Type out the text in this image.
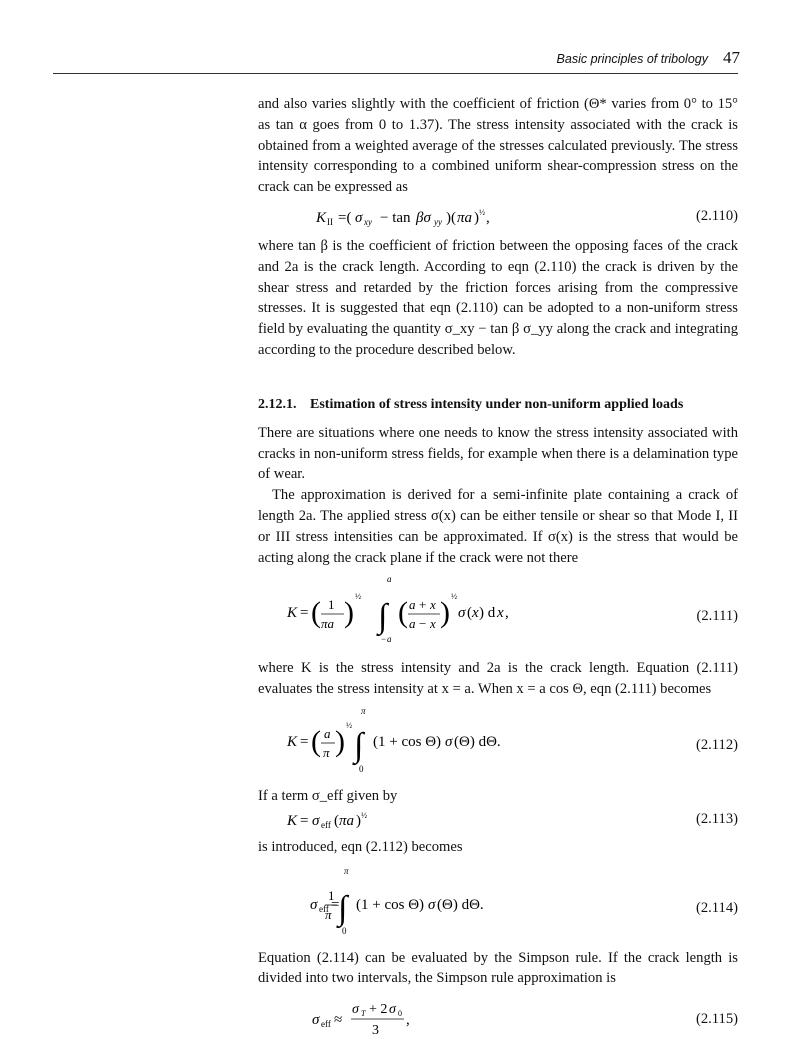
Basic principles of tribology 47

and also varies slightly with the coefficient of friction (Θ* varies from 0° to 15° as tan α goes from 0 to 1.37). The stress intensity associated with the crack is obtained from a weighted average of the stresses calculated previously. The stress intensity corresponding to a combined uniform shear-compression stress on the crack can be expressed as

K II =( σ xy − tan βσ yy )( πa ) ½ ,	(2.110)

where tan β is the coefficient of friction between the opposing faces of the crack and 2a is the crack length. According to eqn (2.110) the crack is driven by the shear stress and retarded by the friction forces arising from the compressive stresses. It is suggested that eqn (2.110) can be adopted to a non-uniform stress field by evaluating the quantity σ_xy − tan β σ_yy along the crack and integrating according to the procedure described below.

2.12.1. Estimation of stress intensity under non-uniform applied loads

There are situations where one needs to know the stress intensity associated with cracks in non-uniform stress fields, for example when there is a delamination type of wear.

The approximation is derived for a semi-infinite plate containing a crack of length 2a. The applied stress σ(x) can be either tensile or shear so that Mode I, II or III stress intensities can be approximated. If σ(x) is the stress that would be acting along the crack plane if the crack were not there

a
K = ( 1
πa ) ½
∫ ( a + x
a − x ) ½
σ ( x ) d x ,
− a
(2.111)

where K is the stress intensity and 2a is the crack length. Equation (2.111) evaluates the stress intensity at x = a. When x = a cos Θ, eqn (2.111) becomes

π
K = ( a
π ) ½
∫ (1 + cos Θ) σ (Θ) dΘ.
0
(2.112)

If a term σ_eff given by

K = σ eff ( πa ) ½	(2.113)

is introduced, eqn (2.112) becomes

π
σ eff =
1
π ∫ (1 + cos Θ) σ (Θ) dΘ.
0
(2.114)

Equation (2.114) can be evaluated by the Simpson rule. If the crack length is divided into two intervals, the Simpson rule approximation is

σ eff ≈
σ T + 2 σ 0
3
,	(2.115)
